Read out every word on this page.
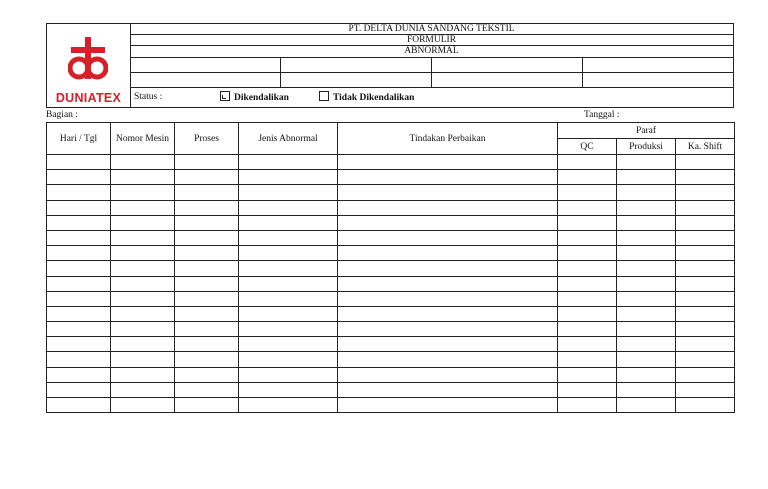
DUNIATEX
PT. DELTA DUNIA SANDANG TEKSTIL
FORMULIR
ABNORMAL
Status :	Dikendalikan	Tidak Dikendalikan
Bagian :	Tanggal :
Hari / Tgl	Nomor Mesin	Proses	Jenis Abnormal	Tindakan Perbaikan	Paraf		
					QC	Produksi	Ka. Shift
